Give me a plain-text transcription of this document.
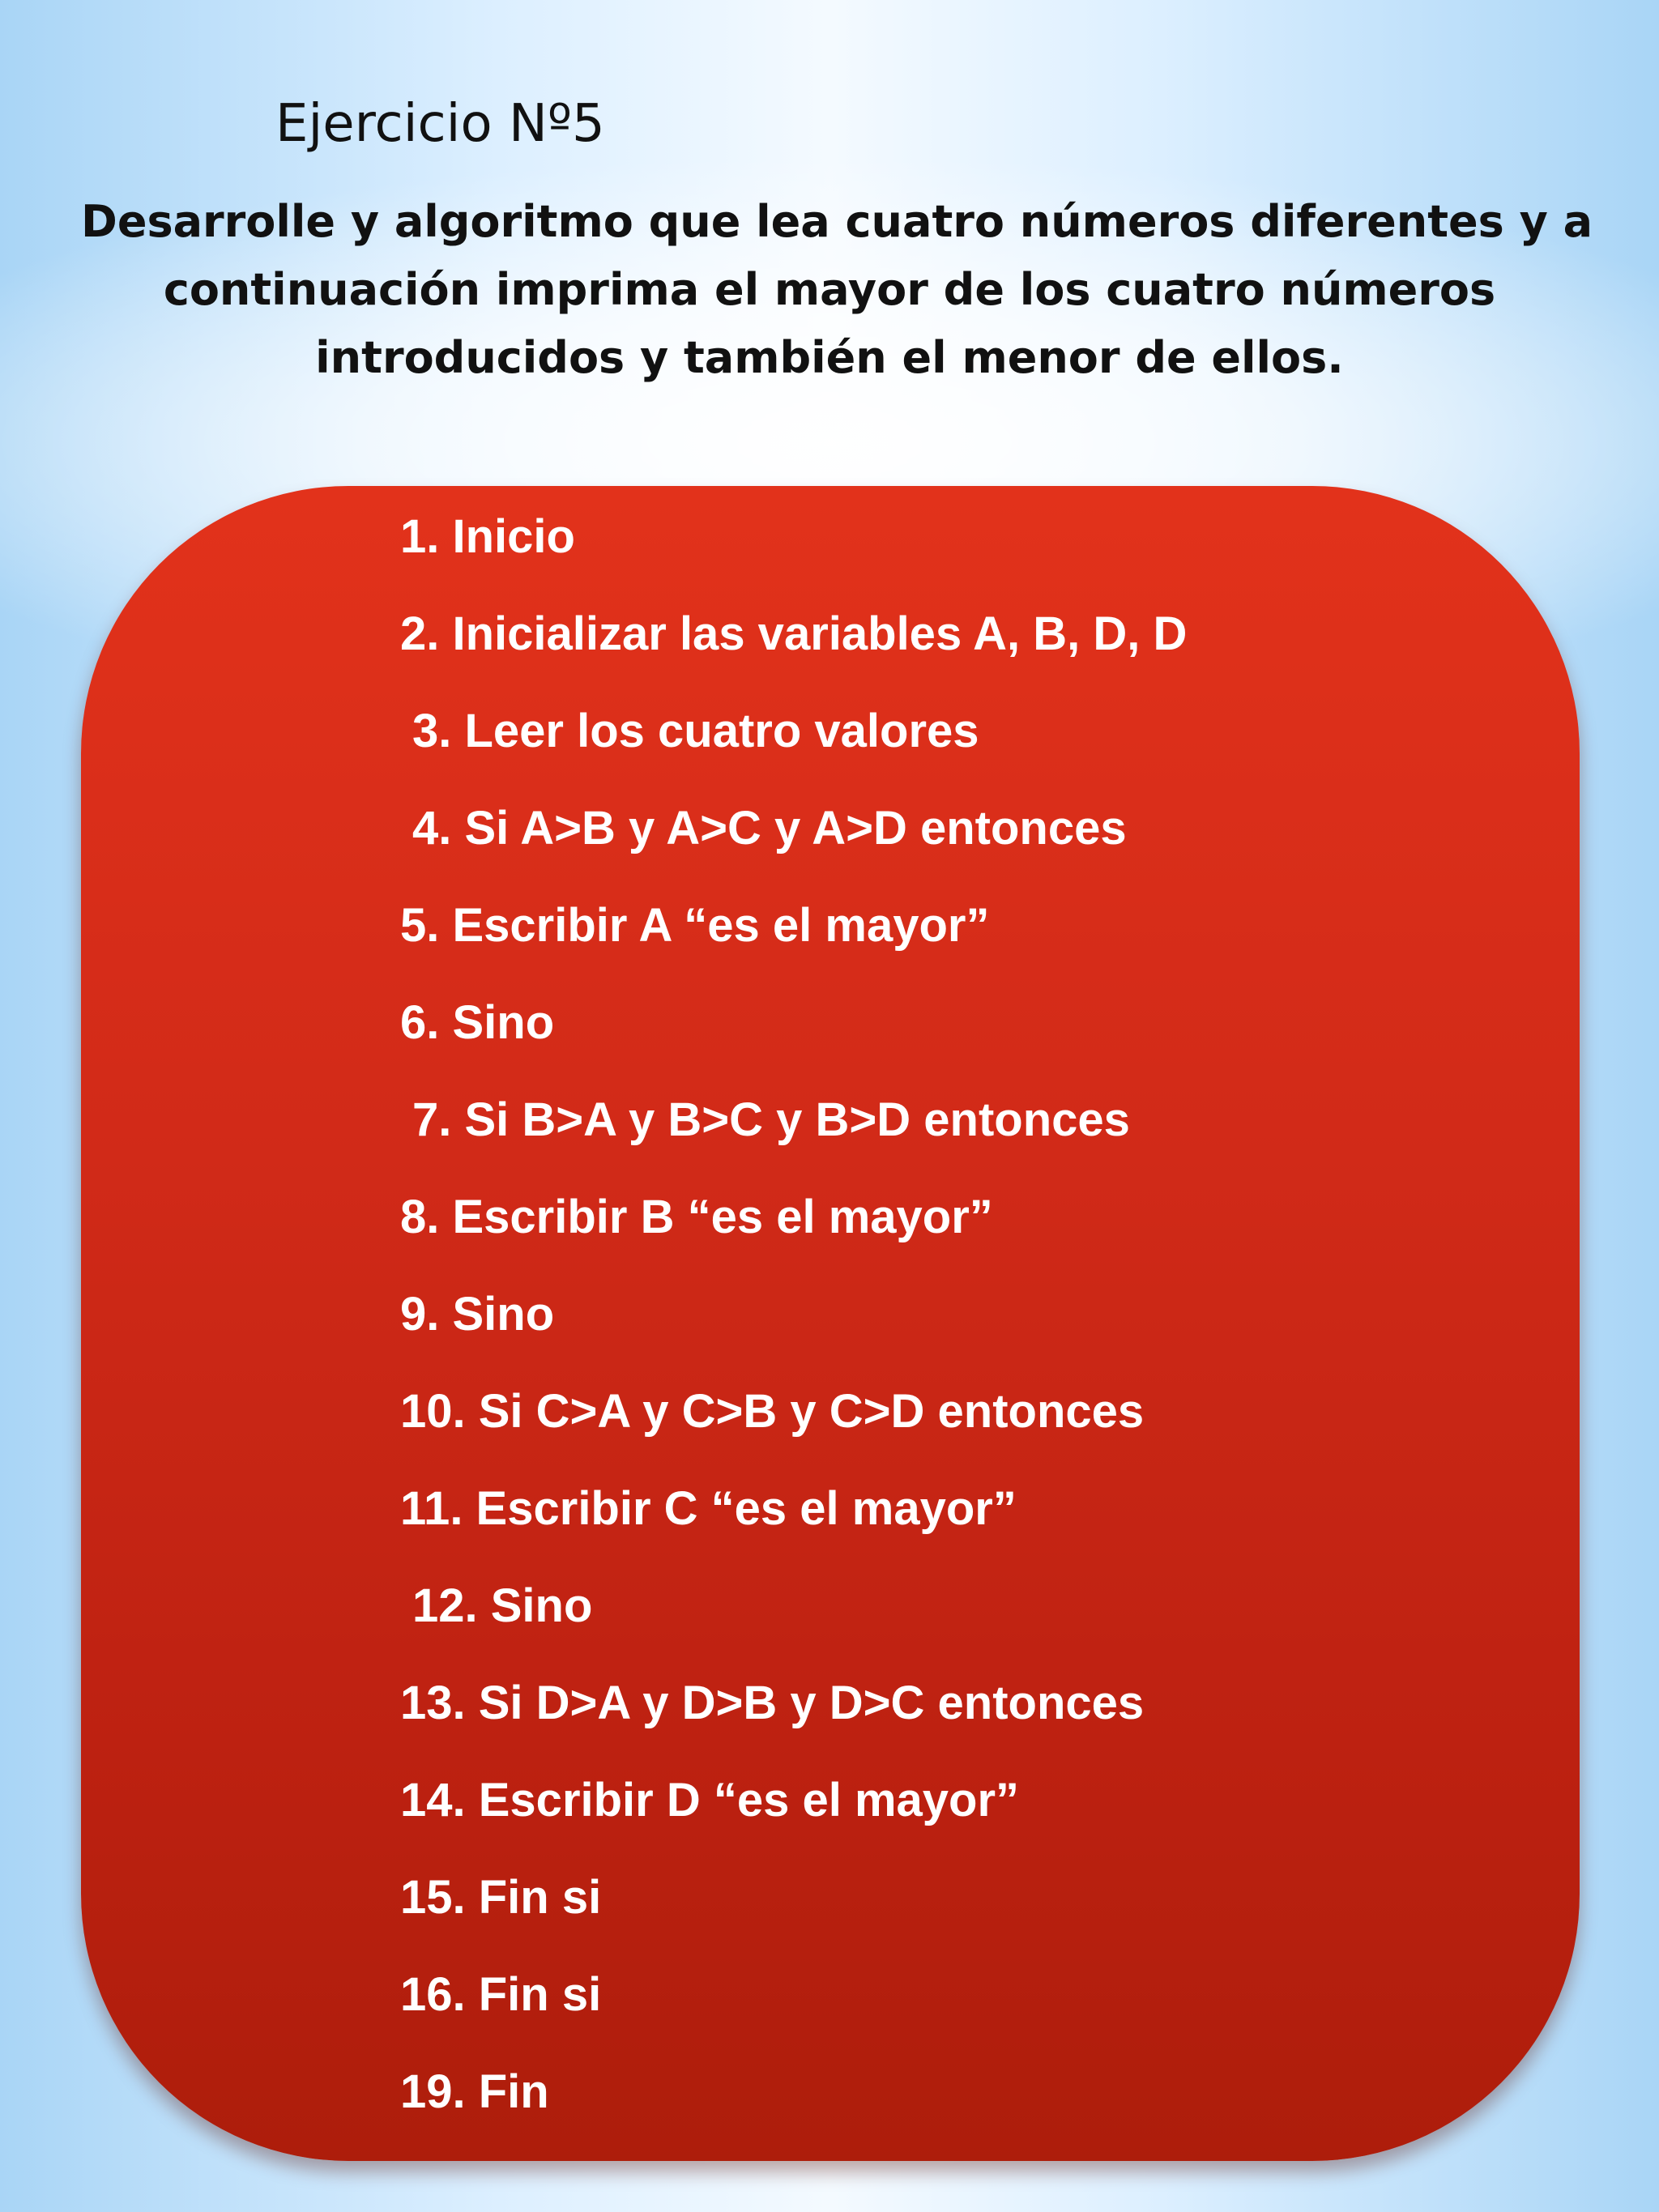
Ejercicio Nº5

Desarrolle y algoritmo que lea cuatro números diferentes y a
continuación imprima el mayor de los cuatro números
introducidos y también el menor de ellos.

1. Inicio
2. Inicializar las variables A, B, D, D
3. Leer los cuatro valores
4. Si A>B y A>C y A>D entonces
5. Escribir A “es el mayor”
6. Sino
7. Si B>A y B>C y B>D entonces
8. Escribir B “es el mayor”
9. Sino
10. Si C>A y C>B y C>D entonces
11. Escribir C “es el mayor”
12. Sino
13. Si D>A y D>B y D>C entonces
14. Escribir D “es el mayor”
15. Fin si
16. Fin si
19. Fin
